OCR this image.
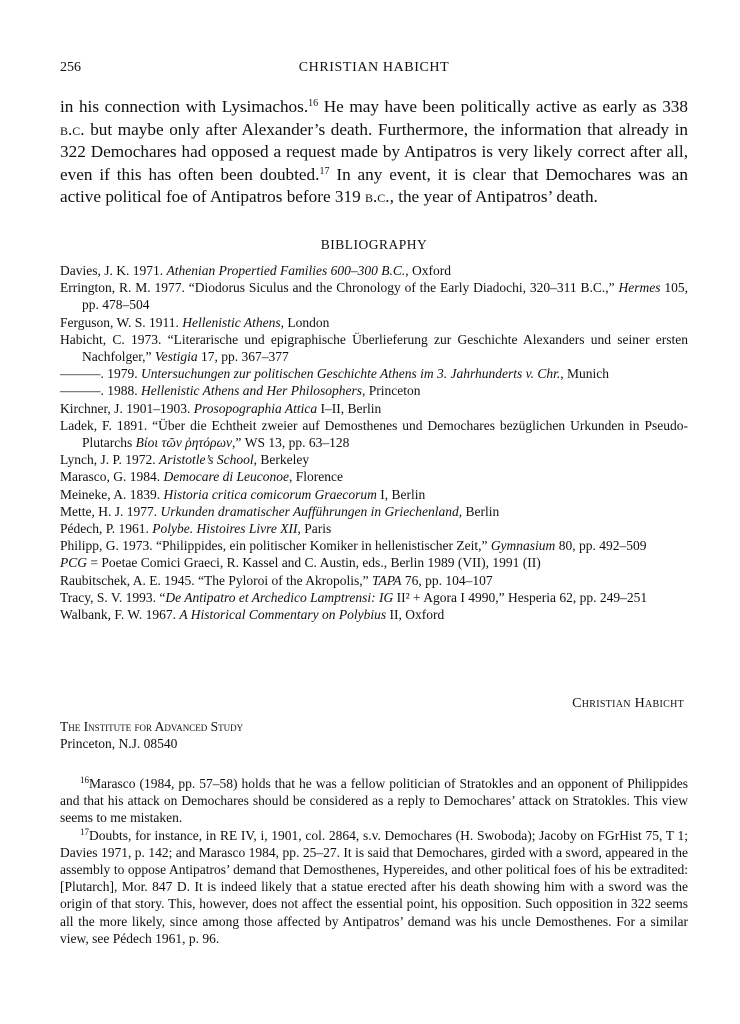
256	CHRISTIAN HABICHT

in his connection with Lysimachos.$^{16}$ He may have been politically active as early as 338 b.c. but maybe only after Alexander’s death. Furthermore, the information that already in 322 Demochares had opposed a request made by Antipatros is very likely correct after all, even if this has often been doubted.$^{17}$ In any event, it is clear that Demochares was an active political foe of Antipatros before 319 b.c., the year of Antipatros’ death.

BIBLIOGRAPHY
Davies, J. K. 1971. Athenian Propertied Families 600–300 B.C., Oxford
Errington, R. M. 1977. “Diodorus Siculus and the Chronology of the Early Diadochi, 320–311 B.C.,” Hermes 105, pp. 478–504
Ferguson, W. S. 1911. Hellenistic Athens, London
Habicht, C. 1973. “Literarische und epigraphische Überlieferung zur Geschichte Alexanders und seiner ersten Nachfolger,” Vestigia 17, pp. 367–377
———. 1979. Untersuchungen zur politischen Geschichte Athens im 3. Jahrhunderts v. Chr., Munich
———. 1988. Hellenistic Athens and Her Philosophers, Princeton
Kirchner, J. 1901–1903. Prosopographia Attica I–II, Berlin
Ladek, F. 1891. “Über die Echtheit zweier auf Demosthenes und Demochares bezüglichen Urkunden in Pseudo-Plutarchs Βίοι τῶν ῥητόρων,” WS 13, pp. 63–128
Lynch, J. P. 1972. Aristotle’s School, Berkeley
Marasco, G. 1984. Democare di Leuconoe, Florence
Meineke, A. 1839. Historia critica comicorum Graecorum I, Berlin
Mette, H. J. 1977. Urkunden dramatischer Aufführungen in Griechenland, Berlin
Pédech, P. 1961. Polybe. Histoires Livre XII, Paris
Philipp, G. 1973. “Philippides, ein politischer Komiker in hellenistischer Zeit,” Gymnasium 80, pp. 492–509
PCG = Poetae Comici Graeci, R. Kassel and C. Austin, eds., Berlin 1989 (VII), 1991 (II)
Raubitschek, A. E. 1945. “The Pyloroi of the Akropolis,” TAPA 76, pp. 104–107
Tracy, S. V. 1993. “De Antipatro et Archedico Lamptrensi: IG II² + Agora I 4990,” Hesperia 62, pp. 249–251
Walbank, F. W. 1967. A Historical Commentary on Polybius II, Oxford
Christian Habicht
The Institute for Advanced Study
Princeton, N.J. 08540

$^{16}$Marasco (1984, pp. 57–58) holds that he was a fellow politician of Stratokles and an opponent of Philippides and that his attack on Demochares should be considered as a reply to Demochares’ attack on Stratokles. This view seems to me mistaken.

$^{17}$Doubts, for instance, in RE IV, i, 1901, col. 2864, s.v. Demochares (H. Swoboda); Jacoby on FGrHist 75, T 1; Davies 1971, p. 142; and Marasco 1984, pp. 25–27. It is said that Demochares, girded with a sword, appeared in the assembly to oppose Antipatros’ demand that Demosthenes, Hypereides, and other political foes of his be extradited: [Plutarch], Mor. 847 D. It is indeed likely that a statue erected after his death showing him with a sword was the origin of that story. This, however, does not affect the essential point, his opposition. Such opposition in 322 seems all the more likely, since among those affected by Antipatros’ demand was his uncle Demosthenes. For a similar view, see Pédech 1961, p. 96.
